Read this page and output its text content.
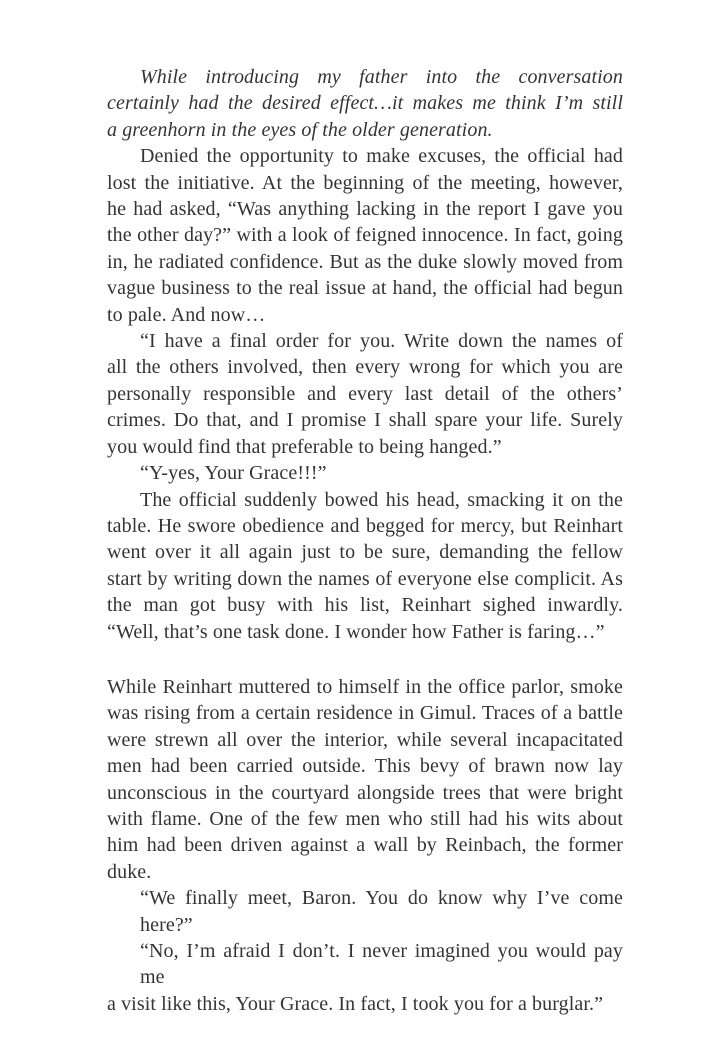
While introducing my father into the conversation
certainly had the desired effect…it makes me think I’m still
a greenhorn in the eyes of the older generation.
Denied the opportunity to make excuses, the official had
lost the initiative. At the beginning of the meeting, however,
he had asked, “Was anything lacking in the report I gave you
the other day?” with a look of feigned innocence. In fact, going
in, he radiated confidence. But as the duke slowly moved from
vague business to the real issue at hand, the official had begun
to pale. And now…
“I have a final order for you. Write down the names of
all the others involved, then every wrong for which you are
personally responsible and every last detail of the others’
crimes. Do that, and I promise I shall spare your life. Surely
you would find that preferable to being hanged.”
“Y-yes, Your Grace!!!”
The official suddenly bowed his head, smacking it on the
table. He swore obedience and begged for mercy, but Reinhart
went over it all again just to be sure, demanding the fellow
start by writing down the names of everyone else complicit. As
the man got busy with his list, Reinhart sighed inwardly.
“Well, that’s one task done. I wonder how Father is faring…”
While Reinhart muttered to himself in the office parlor, smoke
was rising from a certain residence in Gimul. Traces of a battle
were strewn all over the interior, while several incapacitated
men had been carried outside. This bevy of brawn now lay
unconscious in the courtyard alongside trees that were bright
with flame. One of the few men who still had his wits about
him had been driven against a wall by Reinbach, the former
duke.
“We finally meet, Baron. You do know why I’ve come here?”
“No, I’m afraid I don’t. I never imagined you would pay me
a visit like this, Your Grace. In fact, I took you for a burglar.”
